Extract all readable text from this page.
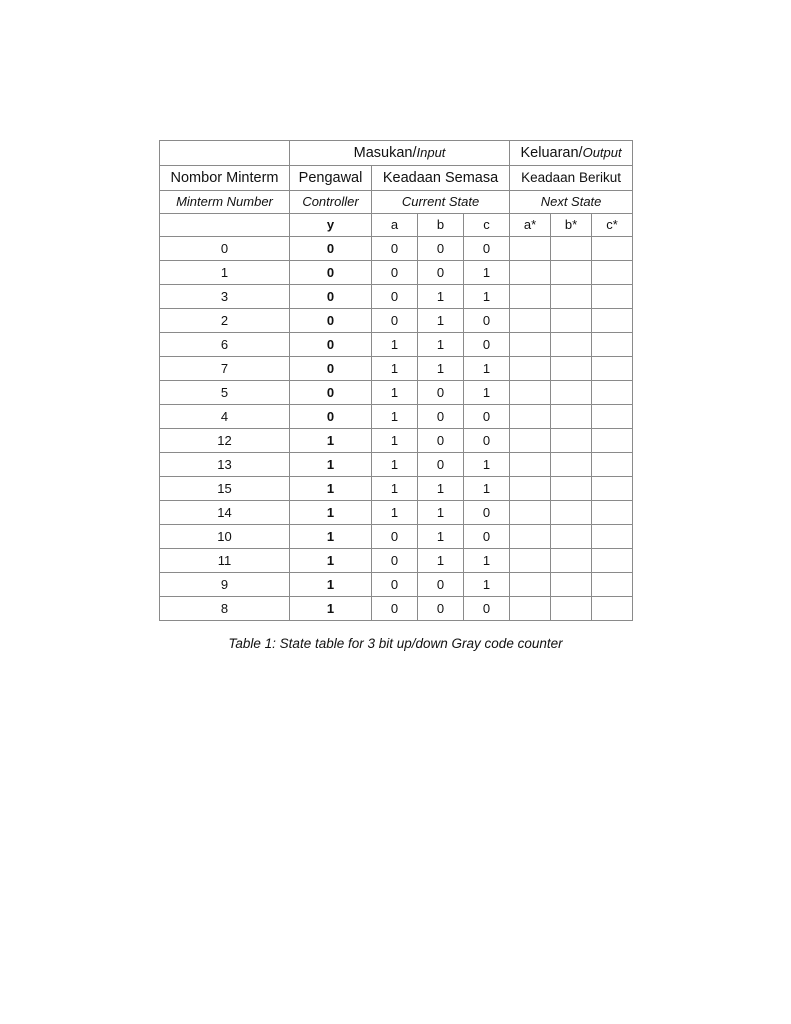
	Masukan/Input				Keluaran/Output		
Nombor Minterm	Pengawal	Keadaan Semasa			Keadaan Berikut		
Minterm Number	Controller	Current State			Next State		
	y	a	b	c	a*	b*	c*
0	0	0	0	0			
1	0	0	0	1			
3	0	0	1	1			
2	0	0	1	0			
6	0	1	1	0			
7	0	1	1	1			
5	0	1	0	1			
4	0	1	0	0			
12	1	1	0	0			
13	1	1	0	1			
15	1	1	1	1			
14	1	1	1	0			
10	1	0	1	0			
11	1	0	1	1			
9	1	0	0	1			
8	1	0	0	0			
Table 1: State table for 3 bit up/down Gray code counter
